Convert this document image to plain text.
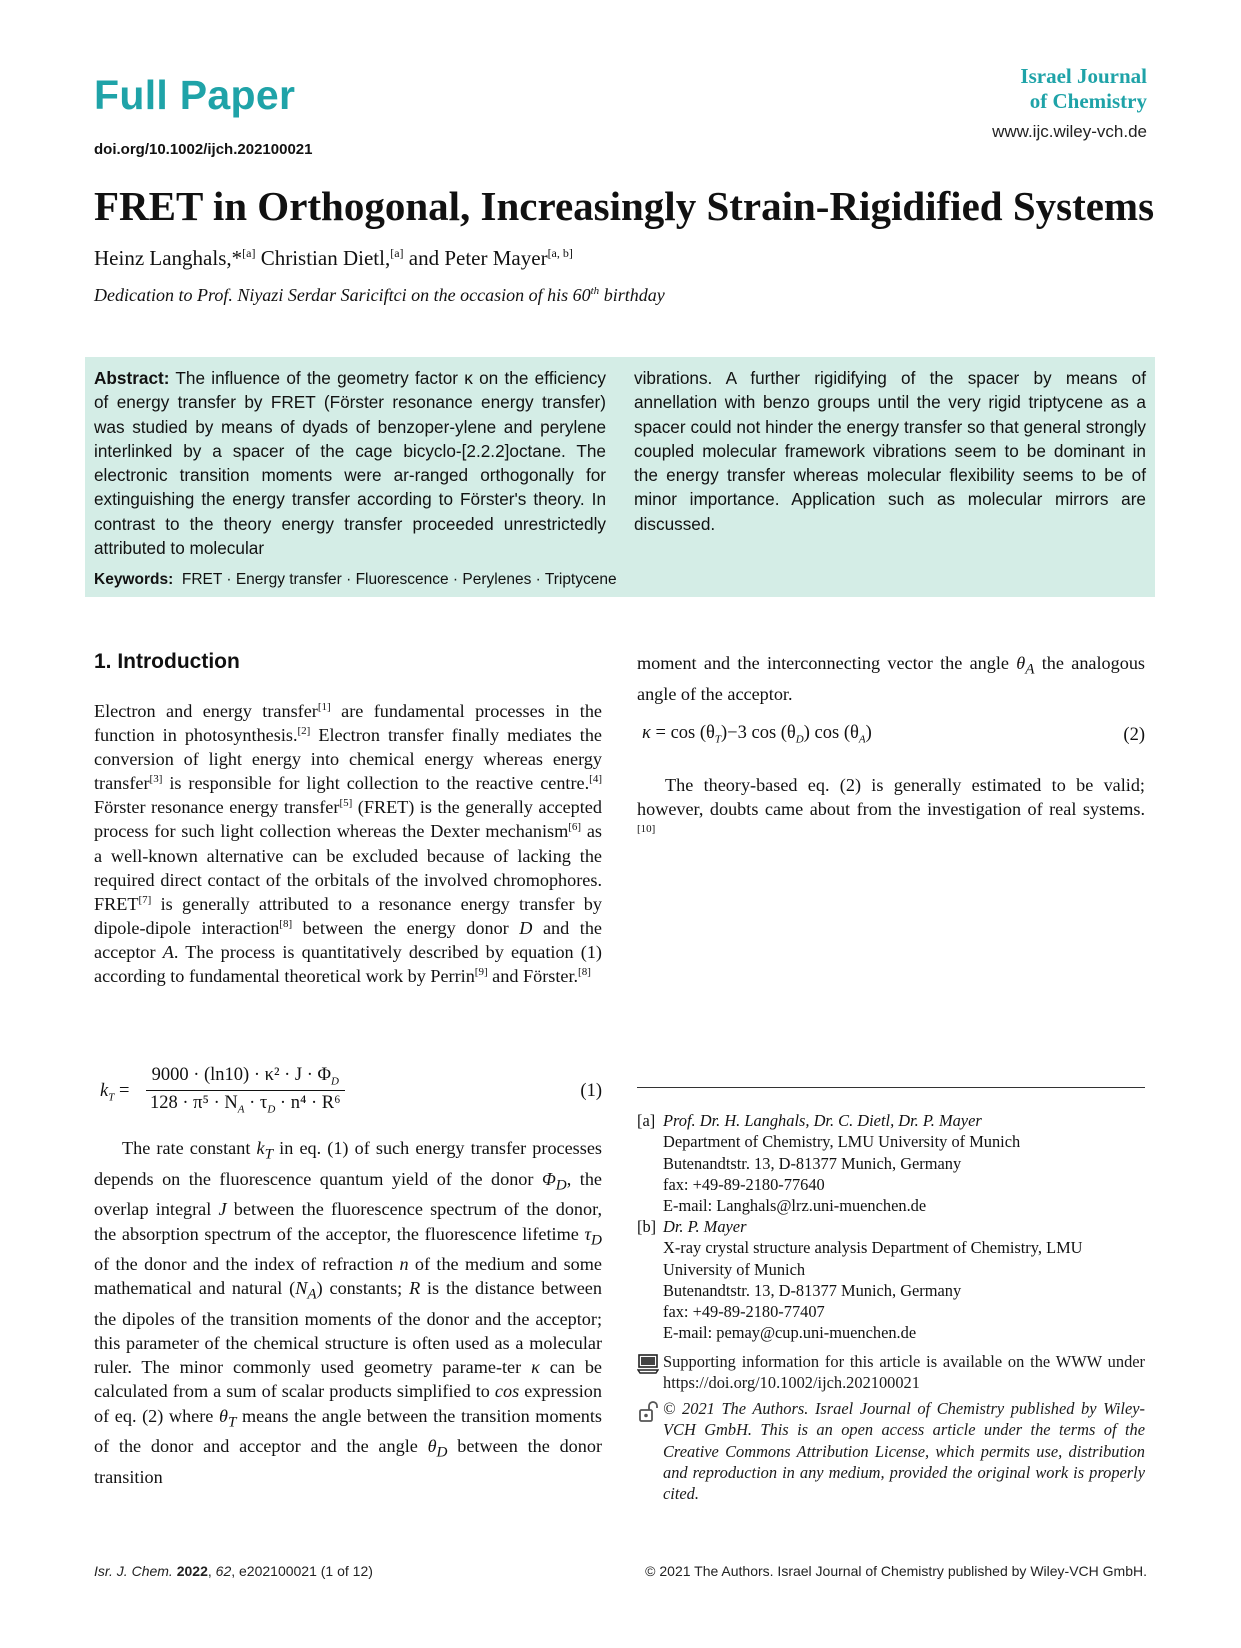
Full Paper
doi.org/10.1002/ijch.202100021
Israel Journal
of Chemistry
www.ijc.wiley-vch.de
FRET in Orthogonal, Increasingly Strain-Rigidified Systems
Heinz Langhals,*[a] Christian Dietl,[a] and Peter Mayer[a, b]
Dedication to Prof. Niyazi Serdar Sariciftci on the occasion of his 60th birthday
Abstract: The influence of the geometry factor κ on the efficiency of energy transfer by FRET (Förster resonance energy transfer) was studied by means of dyads of benzoper-ylene and perylene interlinked by a spacer of the cage bicyclo-[2.2.2]octane. The electronic transition moments were ar-ranged orthogonally for extinguishing the energy transfer according to Förster's theory. In contrast to the theory energy transfer proceeded unrestrictedly attributed to molecular
vibrations. A further rigidifying of the spacer by means of annellation with benzo groups until the very rigid triptycene as a spacer could not hinder the energy transfer so that general strongly coupled molecular framework vibrations seem to be dominant in the energy transfer whereas molecular flexibility seems to be of minor importance. Application such as molecular mirrors are discussed.
Keywords: FRET · Energy transfer · Fluorescence · Perylenes · Triptycene
1. Introduction

Electron and energy transfer[1] are fundamental processes in the function in photosynthesis.[2] Electron transfer finally mediates the conversion of light energy into chemical energy whereas energy transfer[3] is responsible for light collection to the reactive centre.[4] Förster resonance energy transfer[5] (FRET) is the generally accepted process for such light collection whereas the Dexter mechanism[6] as a well-known alternative can be excluded because of lacking the required direct contact of the orbitals of the involved chromophores. FRET[7] is generally attributed to a resonance energy transfer by dipole-dipole interaction[8] between the energy donor D and the acceptor A. The process is quantitatively described by equation (1) according to fundamental theoretical work by Perrin[9] and Förster.[8]

$k_T = \frac{9000 \cdot (\ln 10) \cdot \kappa^2 \cdot J \cdot \Phi_D}{128 \cdot \pi^5 \cdot N_A \cdot \tau_D \cdot n^4 \cdot R^6}$	(1)

The rate constant $k_T$ in eq. (1) of such energy transfer processes depends on the fluorescence quantum yield of the donor $\Phi_D$, the overlap integral J between the fluorescence spectrum of the donor, the absorption spectrum of the acceptor, the fluorescence lifetime $\tau_D$ of the donor and the index of refraction n of the medium and some mathematical and natural $(N_A)$ constants; R is the distance between the dipoles of the transition moments of the donor and the acceptor; this parameter of the chemical structure is often used as a molecular ruler. The minor commonly used geometry parame-ter κ can be calculated from a sum of scalar products simplified to cos expression of eq. (2) where $\theta_T$ means the angle between the transition moments of the donor and acceptor and the angle $\theta_D$ between the donor transition

moment and the interconnecting vector the angle $\theta_A$ the analogous angle of the acceptor.

$\kappa = \cos (\theta_T)-3$ $\cos (\theta_D)$ $\cos (\theta_A)$	(2)

The theory-based eq. (2) is generally estimated to be valid; however, doubts came about from the investigation of real systems.[10]

[a] Prof. Dr. H. Langhals, Dr. C. Dietl, Dr. P. Mayer
Department of Chemistry, LMU University of Munich
Butenandtstr. 13, D-81377 Munich, Germany
fax: +49-89-2180-77640
E-mail: Langhals@lrz.uni-muenchen.de
[b] Dr. P. Mayer
X-ray crystal structure analysis Department of Chemistry, LMU
University of Munich
Butenandtstr. 13, D-81377 Munich, Germany
fax: +49-89-2180-77407
E-mail: pemay@cup.uni-muenchen.de
Supporting information for this article is available on the WWW under https://doi.org/10.1002/ijch.202100021
© 2021 The Authors. Israel Journal of Chemistry published by Wiley-VCH GmbH. This is an open access article under the terms of the Creative Commons Attribution License, which permits use, distribution and reproduction in any medium, provided the original work is properly cited.
Isr. J. Chem. 2022, 62, e202100021 (1 of 12)	© 2021 The Authors. Israel Journal of Chemistry published by Wiley-VCH GmbH.
